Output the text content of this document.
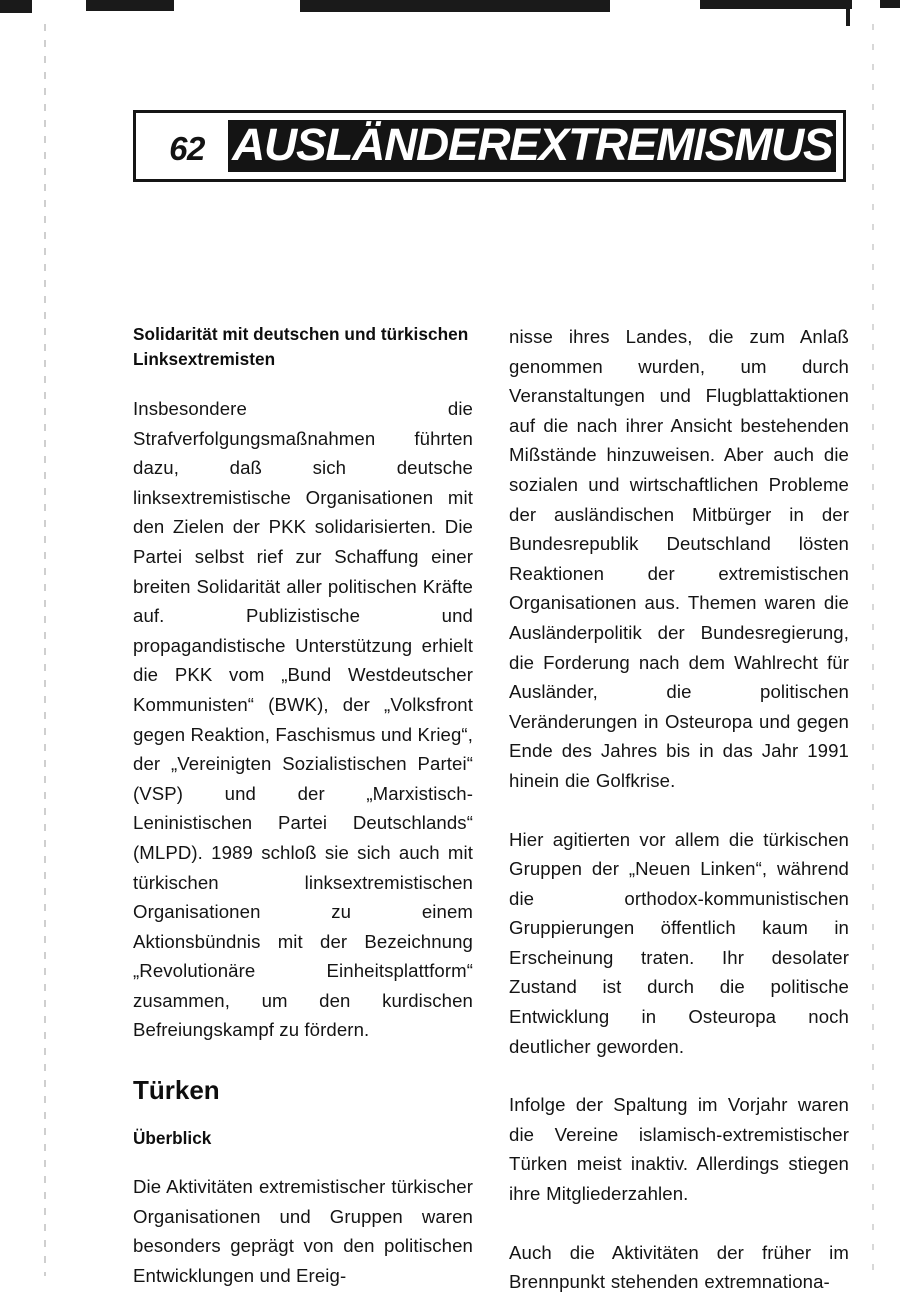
62 AUSLÄNDEREXTREMISMUS
Solidarität mit deutschen und türkischen Linksextremisten

Insbesondere die Strafverfolgungsmaßnahmen führten dazu, daß sich deutsche linksextremistische Organisationen mit den Zielen der PKK solidarisierten. Die Partei selbst rief zur Schaffung einer breiten Solidarität aller politischen Kräfte auf. Publizistische und propagandistische Unterstützung erhielt die PKK vom „Bund Westdeutscher Kommunisten“ (BWK), der „Volksfront gegen Reaktion, Faschismus und Krieg“, der „Vereinigten Sozialistischen Partei“ (VSP) und der „Marxistisch-Leninistischen Partei Deutschlands“ (MLPD). 1989 schloß sie sich auch mit türkischen linksextremistischen Organisationen zu einem Aktionsbündnis mit der Bezeichnung „Revolutionäre Einheitsplattform“ zusammen, um den kurdischen Befreiungskampf zu fördern.

Türken
Überblick

Die Aktivitäten extremistischer türkischer Organisationen und Gruppen waren besonders geprägt von den politischen Entwicklungen und Ereig-

nisse ihres Landes, die zum Anlaß genommen wurden, um durch Veranstaltungen und Flugblattaktionen auf die nach ihrer Ansicht bestehenden Mißstände hinzuweisen. Aber auch die sozialen und wirtschaftlichen Probleme der ausländischen Mitbürger in der Bundesrepublik Deutschland lösten Reaktionen der extremistischen Organisationen aus. Themen waren die Ausländerpolitik der Bundesregierung, die Forderung nach dem Wahlrecht für Ausländer, die politischen Veränderungen in Osteuropa und gegen Ende des Jahres bis in das Jahr 1991 hinein die Golfkrise.

Hier agitierten vor allem die türkischen Gruppen der „Neuen Linken“, während die orthodox-kommunistischen Gruppierungen öffentlich kaum in Erscheinung traten. Ihr desolater Zustand ist durch die politische Entwicklung in Osteuropa noch deutlicher geworden.

Infolge der Spaltung im Vorjahr waren die Vereine islamisch-extremistischer Türken meist inaktiv. Allerdings stiegen ihre Mitgliederzahlen.

Auch die Aktivitäten der früher im Brennpunkt stehenden extremnationa-
